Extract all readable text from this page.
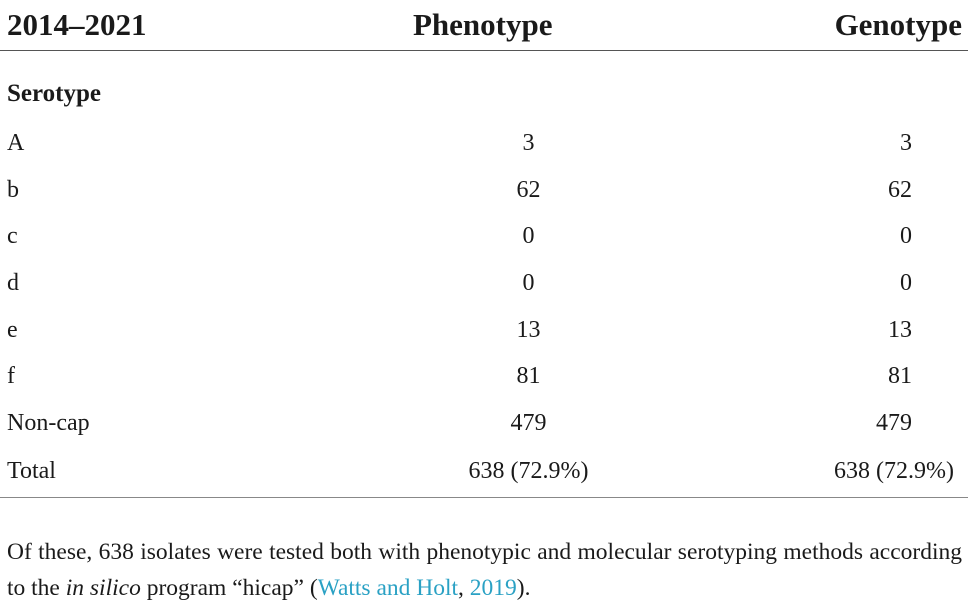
2014–2021	Phenotype	Genotype
Serotype		
A	3	3
b	62	62
c	0	0
d	0	0
e	13	13
f	81	81
Non-cap	479	479
Total	638 (72.9%)	638 (72.9%)

Of these, 638 isolates were tested both with phenotypic and molecular serotyping methods according to the in silico program “hicap” (Watts and Holt, 2019).
